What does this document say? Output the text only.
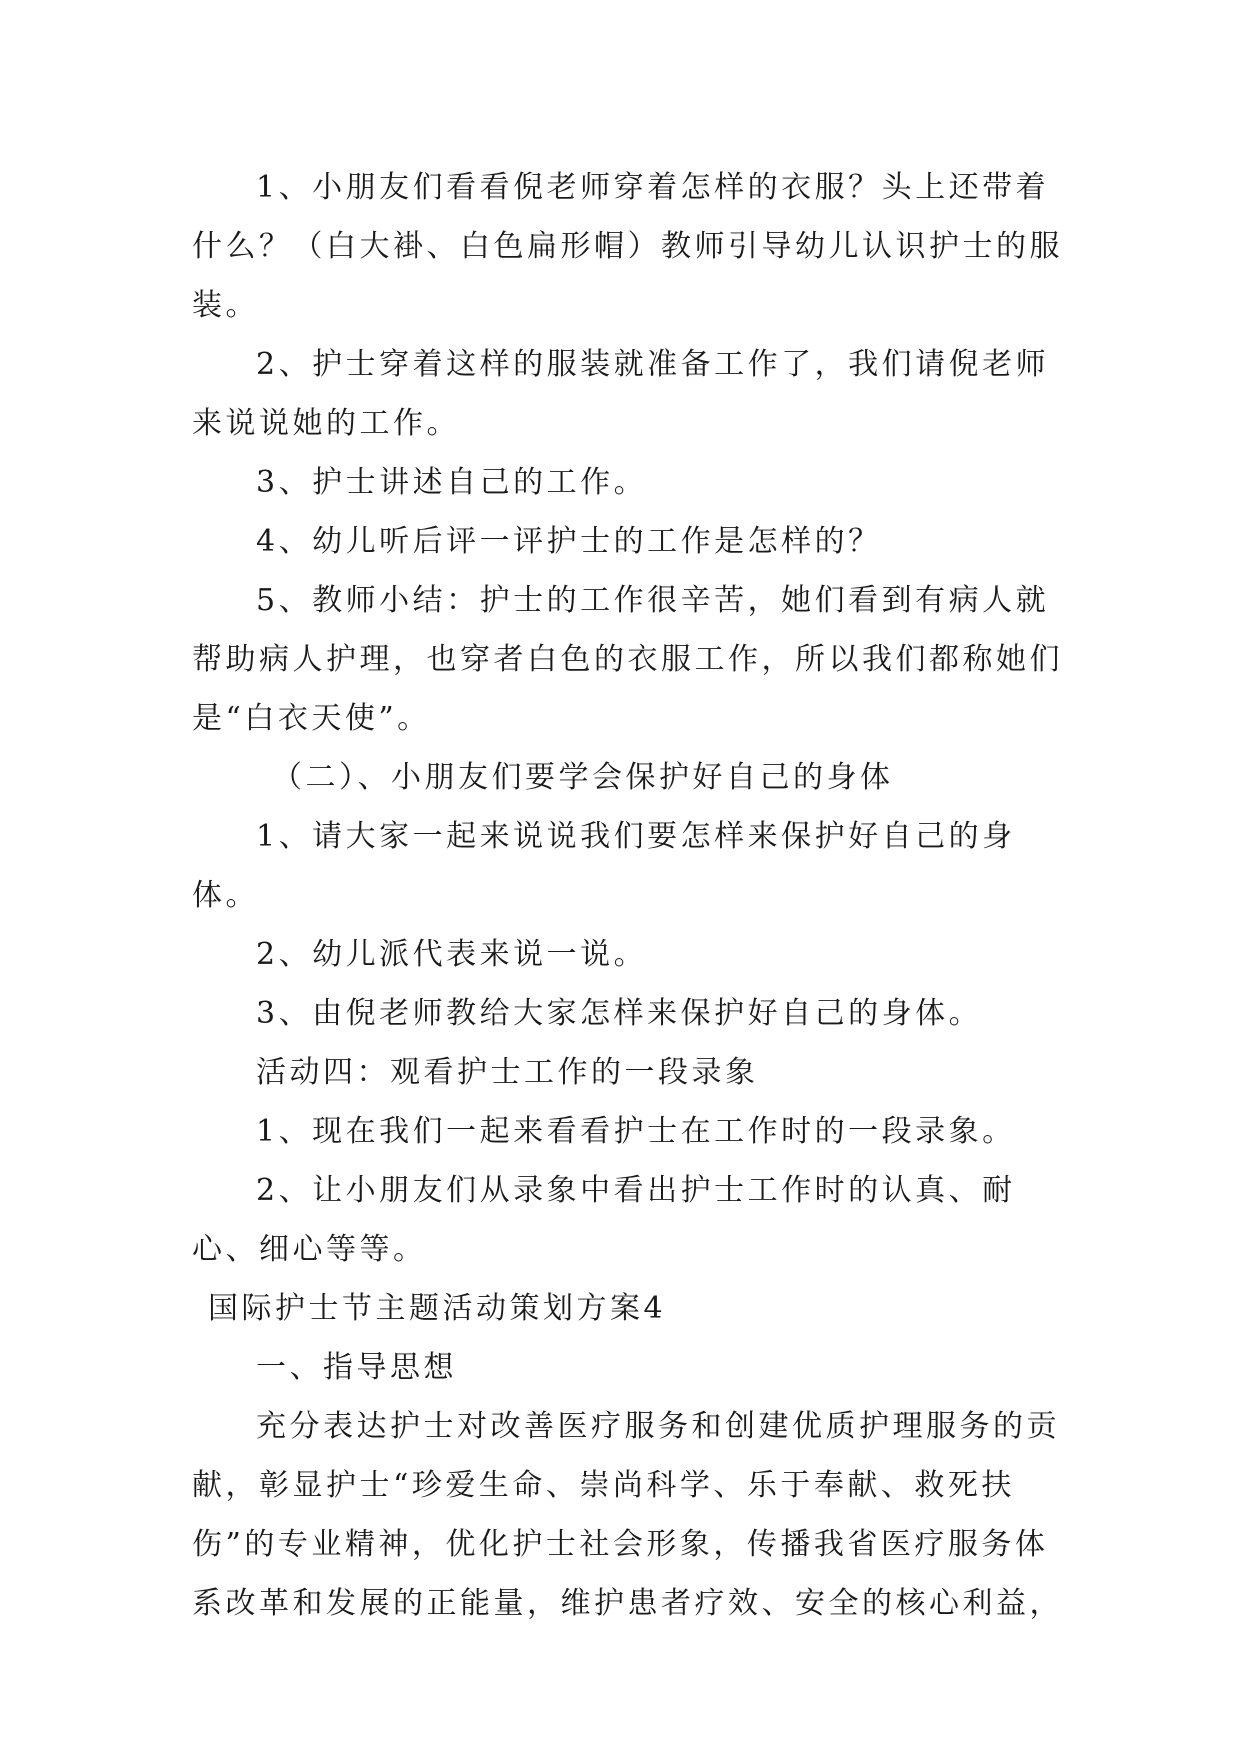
1、小朋友们看看倪老师穿着怎样的衣服？头上还带着什么？（白大褂、白色扁形帽）教师引导幼儿认识护士的服装。

2、护士穿着这样的服装就准备工作了，我们请倪老师来说说她的工作。

3、护士讲述自己的工作。

4、幼儿听后评一评护士的工作是怎样的？

5、教师小结：护士的工作很辛苦，她们看到有病人就帮助病人护理，也穿者白色的衣服工作，所以我们都称她们是“白衣天使”。

（二）、小朋友们要学会保护好自己的身体

1、请大家一起来说说我们要怎样来保护好自己的身体。

2、幼儿派代表来说一说。

3、由倪老师教给大家怎样来保护好自己的身体。

活动四：观看护士工作的一段录象

1、现在我们一起来看看护士在工作时的一段录象。

2、让小朋友们从录象中看出护士工作时的认真、耐心、细心等等。

国际护士节主题活动策划方案4

一、指导思想

充分表达护士对改善医疗服务和创建优质护理服务的贡献，彰显护士“珍爱生命、崇尚科学、乐于奉献、救死扶伤”的专业精神，优化护士社会形象，传播我省医疗服务体系改革和发展的正能量，维护患者疗效、安全的核心利益，
